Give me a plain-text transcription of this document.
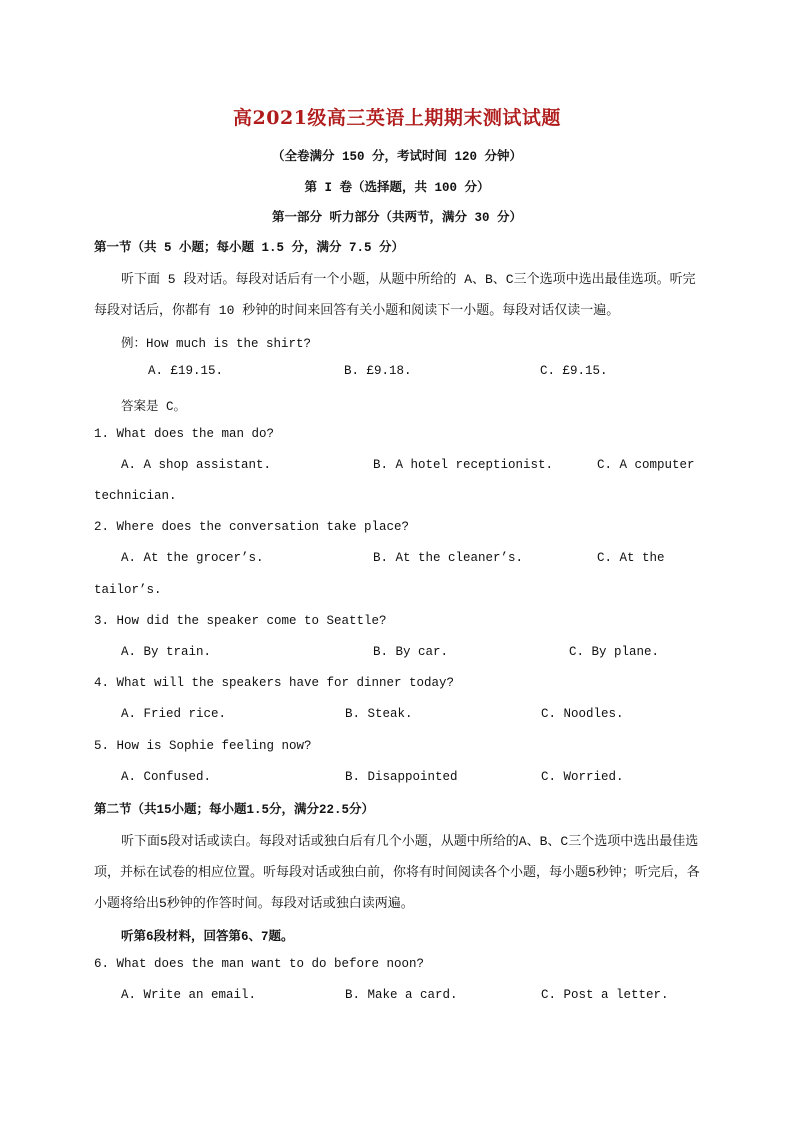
高2021级高三英语上期期末测试试题
（全卷满分 150 分，考试时间 120 分钟）
第 I 卷（选择题，共 100 分）
第一部分 听力部分（共两节，满分 30 分）
第一节（共 5 小题；每小题 1.5 分，满分 7.5 分）
听下面 5 段对话。每段对话后有一个小题，从题中所给的 A、B、C三个选项中选出最佳选项。听完每段对话后，你都有 10 秒钟的时间来回答有关小题和阅读下一小题。每段对话仅读一遍。
例：How much is the shirt?
A. £19.15.	B. £9.18.	C. £9.15.
答案是 C。
1. What does the man do?
A. A shop assistant.	B. A hotel receptionist.	C. A computer
technician.
2. Where does the conversation take place?
A. At the grocer’s.	B. At the cleaner’s.	C. At the
tailor’s.
3. How did the speaker come to Seattle?
A. By train.	B. By car.	C. By plane.
4. What will the speakers have for dinner today?
A. Fried rice.	B. Steak.	C. Noodles.
5. How is Sophie feeling now?
A. Confused.	B. Disappointed	C. Worried.
第二节（共15小题；每小题1.5分，满分22.5分）
听下面5段对话或读白。每段对话或独白后有几个小题，从题中所给的A、B、C三个选项中选出最佳选项，并标在试卷的相应位置。听每段对话或独白前，你将有时间阅读各个小题，每小题5秒钟；听完后，各小题将给出5秒钟的作答时间。每段对话或独白读两遍。
听第6段材料，回答第6、7题。
6. What does the man want to do before noon?
A. Write an email.	B. Make a card.	C. Post a letter.
